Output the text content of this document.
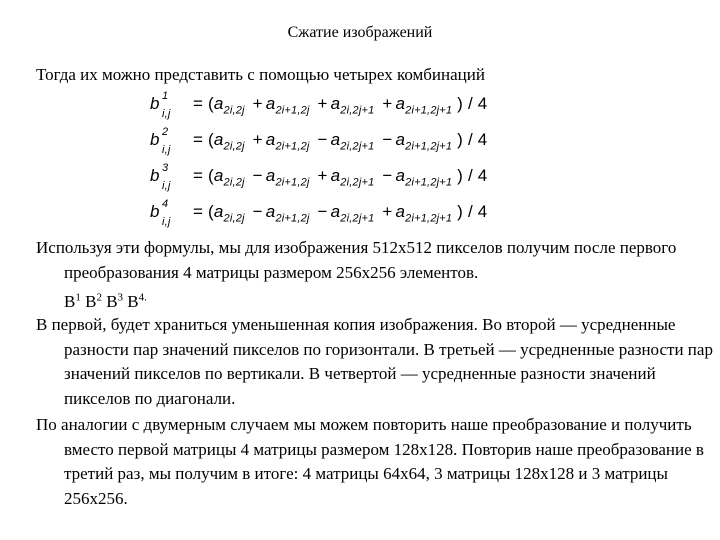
Сжатие изображений
Тогда их можно представить с помощью четырех комбинаций
b 1
i,j
= ($a_{2i,2j} + a_{2i+1,2j} + a_{2i,2j+1} + a_{2i+1,2j+1}$ ) / 4
b 2
i,j
= ($a_{2i,2j} + a_{2i+1,2j} - a_{2i,2j+1} - a_{2i+1,2j+1}$ ) / 4
b 3
i,j
= ($a_{2i,2j} - a_{2i+1,2j} + a_{2i,2j+1} - a_{2i+1,2j+1}$ ) / 4
b 4
i,j
= ($a_{2i,2j} - a_{2i+1,2j} - a_{2i,2j+1} + a_{2i+1,2j+1}$ ) / 4
Используя эти формулы, мы для изображения 512x512 пикселов получим после первого преобразования 4 матрицы размером 256x256 элементов.
$B^1$ $B^2$ $B^3$ $B^{4.}$
В первой, будет храниться уменьшенная копия изображения. Во второй — усредненные разности пар значений пикселов по горизонтали. В третьей — усредненные разности пар значений пикселов по вертикали. В четвертой — усредненные разности значений пикселов по диагонали.
По аналогии с двумерным случаем мы можем повторить наше преобразование и получить вместо первой матрицы 4 матрицы размером 128x128. Повторив наше преобразование в третий раз, мы получим в итоге: 4 матрицы 64x64, 3 матрицы 128x128 и 3 матрицы 256x256.
